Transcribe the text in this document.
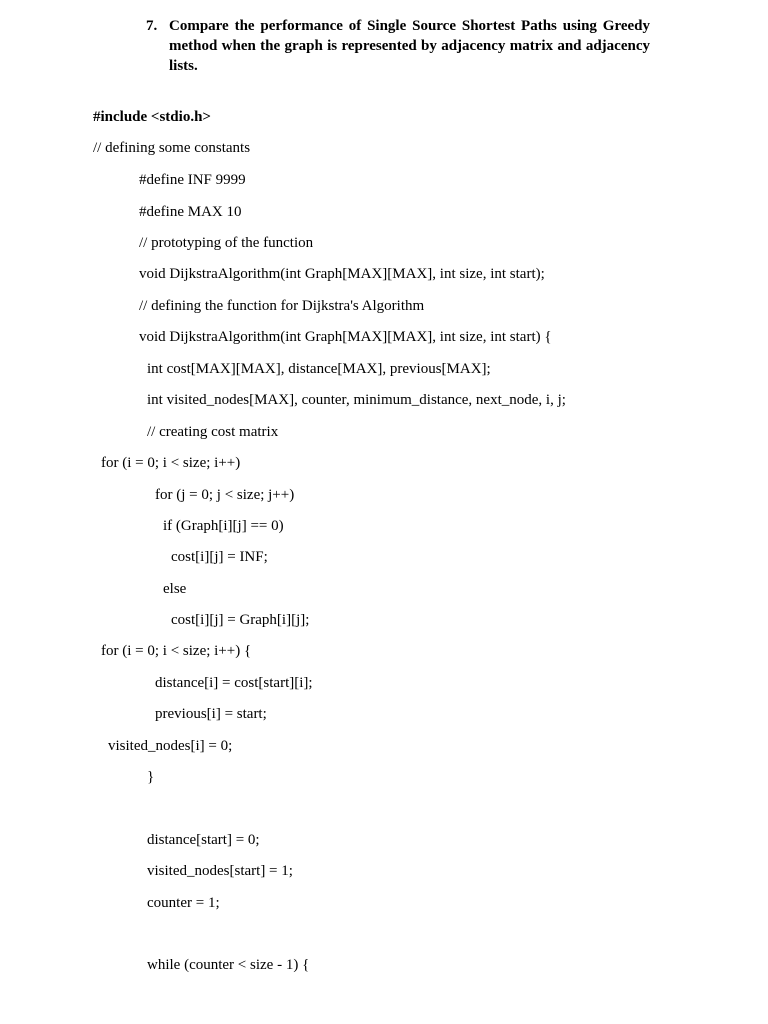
7. Compare the performance of Single Source Shortest Paths using Greedy method when the graph is represented by adjacency matrix and adjacency lists.
#include <stdio.h>
// defining some constants
#define INF 9999
#define MAX 10
// prototyping of the function
void DijkstraAlgorithm(int Graph[MAX][MAX], int size, int start);
// defining the function for Dijkstra's Algorithm
void DijkstraAlgorithm(int Graph[MAX][MAX], int size, int start) {
int cost[MAX][MAX], distance[MAX], previous[MAX];
int visited_nodes[MAX], counter, minimum_distance, next_node, i, j;
// creating cost matrix
for (i = 0; i < size; i++)
for (j = 0; j < size; j++)
if (Graph[i][j] == 0)
cost[i][j] = INF;
else
cost[i][j] = Graph[i][j];
for (i = 0; i < size; i++) {
distance[i] = cost[start][i];
previous[i] = start;
visited_nodes[i] = 0;
}
distance[start] = 0;
visited_nodes[start] = 1;
counter = 1;
while (counter < size - 1) {
